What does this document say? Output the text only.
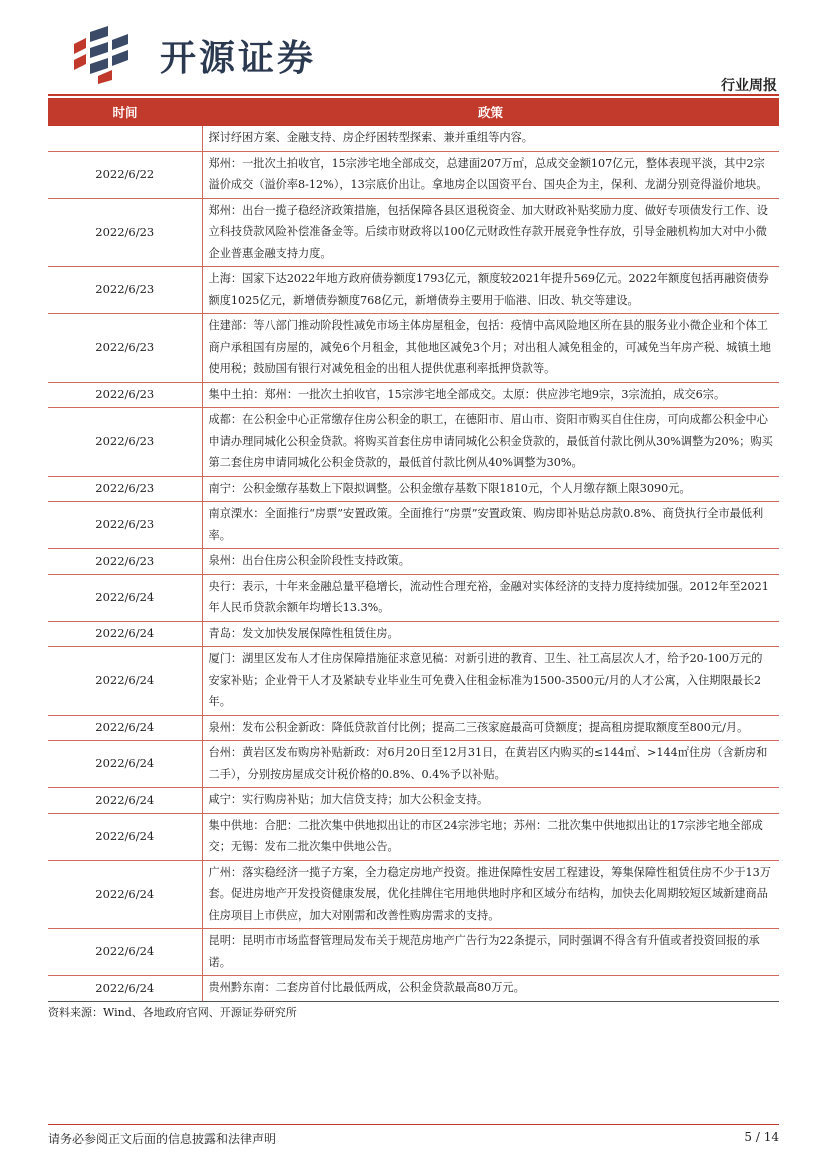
开源证券
行业周报
时间	政策
	探讨纾困方案、金融支持、房企纾困转型探索、兼并重组等内容。
2022/6/22	郑州：一批次土拍收官，15宗涉宅地全部成交，总建面207万㎡，总成交金额107亿元，整体表现平淡，其中2宗溢价成交（溢价率8-12%），13宗底价出让。拿地房企以国资平台、国央企为主，保利、龙湖分别竞得溢价地块。
2022/6/23	郑州：出台一揽子稳经济政策措施，包括保障各县区退税资金、加大财政补贴奖励力度、做好专项债发行工作、设立科技贷款风险补偿准备金等。后续市财政将以100亿元财政性存款开展竞争性存放，引导金融机构加大对中小微企业普惠金融支持力度。
2022/6/23	上海：国家下达2022年地方政府债券额度1793亿元，额度较2021年提升569亿元。2022年额度包括再融资债券额度1025亿元，新增债券额度768亿元，新增债券主要用于临港、旧改、轨交等建设。
2022/6/23	住建部：等八部门推动阶段性减免市场主体房屋租金，包括：疫情中高风险地区所在县的服务业小微企业和个体工商户承租国有房屋的，减免6个月租金，其他地区减免3个月；对出租人减免租金的，可减免当年房产税、城镇土地使用税；鼓励国有银行对减免租金的出租人提供优惠利率抵押贷款等。
2022/6/23	集中土拍：郑州：一批次土拍收官，15宗涉宅地全部成交。太原：供应涉宅地9宗，3宗流拍，成交6宗。
2022/6/23	成都：在公积金中心正常缴存住房公积金的职工，在德阳市、眉山市、资阳市购买自住住房，可向成都公积金中心申请办理同城化公积金贷款。将购买首套住房申请同城化公积金贷款的，最低首付款比例从30%调整为20%；购买第二套住房申请同城化公积金贷款的，最低首付款比例从40%调整为30%。
2022/6/23	南宁：公积金缴存基数上下限拟调整。公积金缴存基数下限1810元，个人月缴存额上限3090元。
2022/6/23	南京溧水：全面推行“房票”安置政策。全面推行“房票”安置政策、购房即补贴总房款0.8%、商贷执行全市最低利率。
2022/6/23	泉州：出台住房公积金阶段性支持政策。
2022/6/24	央行：表示，十年来金融总量平稳增长，流动性合理充裕，金融对实体经济的支持力度持续加强。2012年至2021年人民币贷款余额年均增长13.3%。
2022/6/24	青岛：发文加快发展保障性租赁住房。
2022/6/24	厦门：湖里区发布人才住房保障措施征求意见稿：对新引进的教育、卫生、社工高层次人才，给予20-100万元的安家补贴；企业骨干人才及紧缺专业毕业生可免费入住租金标准为1500-3500元/月的人才公寓，入住期限最长2年。
2022/6/24	泉州：发布公积金新政：降低贷款首付比例；提高二三孩家庭最高可贷额度；提高租房提取额度至800元/月。
2022/6/24	台州：黄岩区发布购房补贴新政：对6月20日至12月31日，在黄岩区内购买的≤144㎡、>144㎡住房（含新房和二手），分别按房屋成交计税价格的0.8%、0.4%予以补贴。
2022/6/24	咸宁：实行购房补贴；加大信贷支持；加大公积金支持。
2022/6/24	集中供地：合肥：二批次集中供地拟出让的市区24宗涉宅地；苏州：二批次集中供地拟出让的17宗涉宅地全部成交；无锡：发布二批次集中供地公告。
2022/6/24	广州：落实稳经济一揽子方案，全力稳定房地产投资。推进保障性安居工程建设，筹集保障性租赁住房不少于13万套。促进房地产开发投资健康发展，优化挂牌住宅用地供地时序和区域分布结构，加快去化周期较短区域新建商品住房项目上市供应，加大对刚需和改善性购房需求的支持。
2022/6/24	昆明：昆明市市场监督管理局发布关于规范房地产广告行为22条提示，同时强调不得含有升值或者投资回报的承诺。
2022/6/24	贵州黔东南：二套房首付比最低两成，公积金贷款最高80万元。
资料来源：Wind、各地政府官网、开源证券研究所
请务必参阅正文后面的信息披露和法律声明	5 / 14
